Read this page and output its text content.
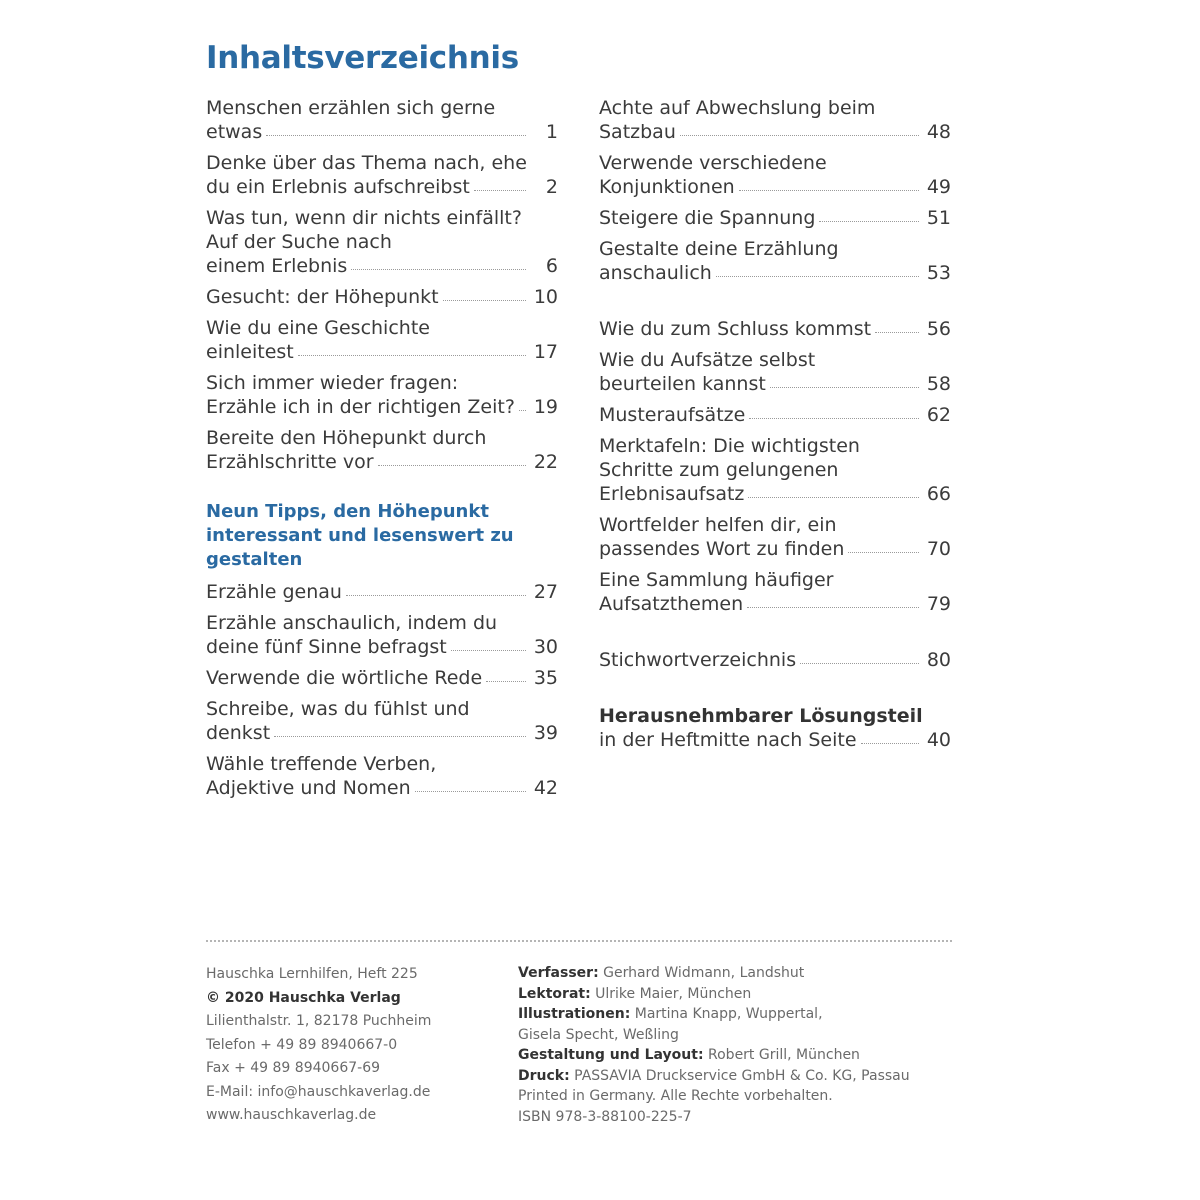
Inhaltsverzeichnis
Menschen erzählen sich gerne
etwas	1
Denke über das Thema nach, ehe
du ein Erlebnis aufschreibst	2
Was tun, wenn dir nichts einfällt?
Auf der Suche nach
einem Erlebnis	6
Gesucht: der Höhepunkt	10
Wie du eine Geschichte
einleitest	17
Sich immer wieder fragen:
Erzähle ich in der richtigen Zeit? 19
Bereite den Höhepunkt durch
Erzählschritte vor	22
Neun Tipps, den Höhepunkt
interessant und lesenswert zu
gestalten
Erzähle genau	27
Erzähle anschaulich, indem du
deine fünf Sinne befragst	30
Verwende die wörtliche Rede	35
Schreibe, was du fühlst und
denkst	39
Wähle treffende Verben,
Adjektive und Nomen	42
Achte auf Abwechslung beim
Satzbau	48
Verwende verschiedene
Konjunktionen	49
Steigere die Spannung	51
Gestalte deine Erzählung
anschaulich	53
Wie du zum Schluss kommst	56
Wie du Aufsätze selbst
beurteilen kannst	58
Musteraufsätze	62
Merktafeln: Die wichtigsten
Schritte zum gelungenen
Erlebnisaufsatz	66
Wortfelder helfen dir, ein
passendes Wort zu finden	70
Eine Sammlung häufiger
Aufsatzthemen	79
Stichwortverzeichnis	80
Herausnehmbarer Lösungsteil
in der Heftmitte nach Seite	40
Hauschka Lernhilfen, Heft 225
© 2020 Hauschka Verlag
Lilienthalstr. 1, 82178 Puchheim
Telefon + 49 89 8940667-0
Fax + 49 89 8940667-69
E-Mail: info@hauschkaverlag.de
www.hauschkaverlag.de
Verfasser: Gerhard Widmann, Landshut
Lektorat: Ulrike Maier, München
Illustrationen: Martina Knapp, Wuppertal,
Gisela Specht, Weßling
Gestaltung und Layout: Robert Grill, München
Druck: PASSAVIA Druckservice GmbH & Co. KG, Passau
Printed in Germany. Alle Rechte vorbehalten.
ISBN 978-3-88100-225-7
